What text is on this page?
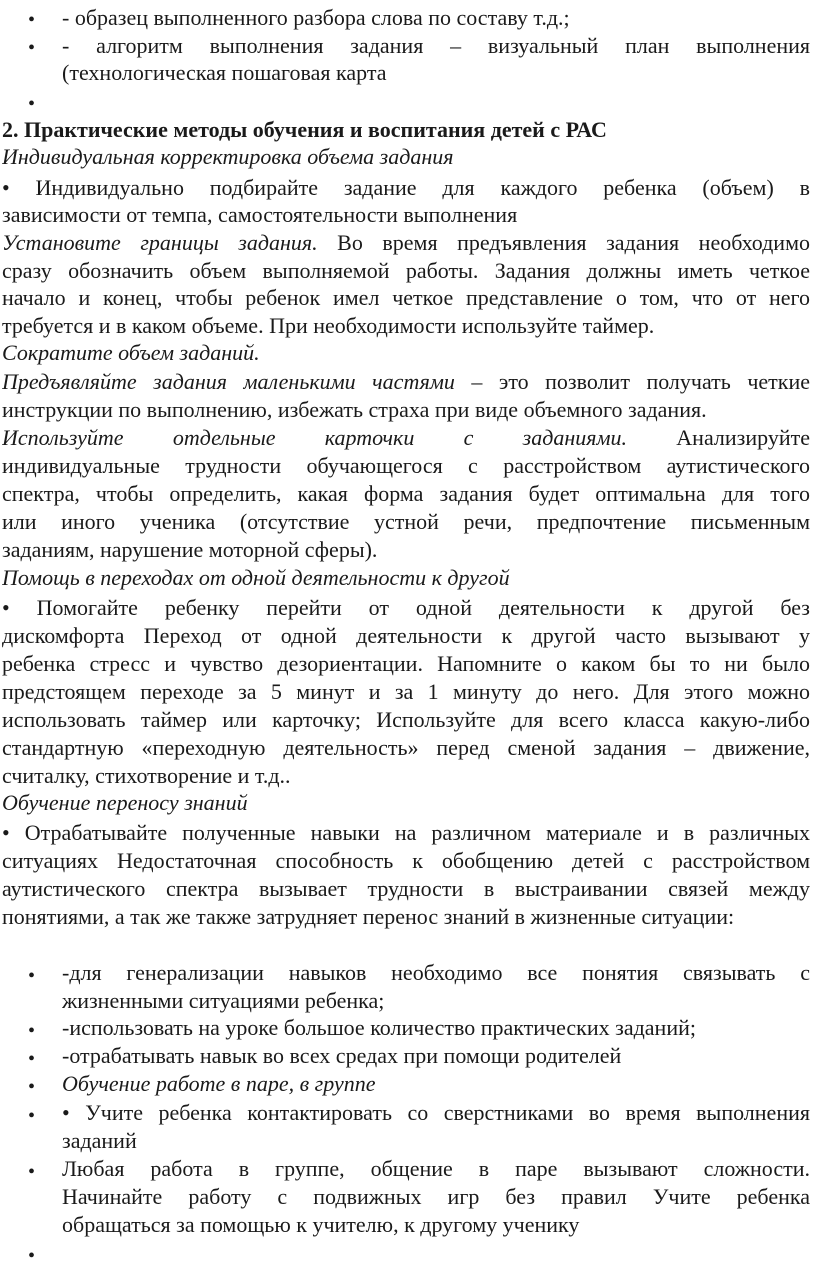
• - образец выполненного разбора слова по составу т.д.;
• - алгоритм выполнения задания – визуальный план выполнения
(технологическая пошаговая карта
•
2. Практические методы обучения и воспитания детей с РАС
Индивидуальная корректировка объема задания
• Индивидуально подбирайте задание для каждого ребенка (объем) в
зависимости от темпа, самостоятельности выполнения
Установите границы задания. Во время предъявления задания необходимо
сразу обозначить объем выполняемой работы. Задания должны иметь четкое
начало и конец, чтобы ребенок имел четкое представление о том, что от него
требуется и в каком объеме. При необходимости используйте таймер.
Сократите объем заданий.
Предъявляйте задания маленькими частями – это позволит получать четкие
инструкции по выполнению, избежать страха при виде объемного задания.
Используйте отдельные карточки с заданиями. Анализируйте
индивидуальные трудности обучающегося с расстройством аутистического
спектра, чтобы определить, какая форма задания будет оптимальна для того
или иного ученика (отсутствие устной речи, предпочтение письменным
заданиям, нарушение моторной сферы).
Помощь в переходах от одной деятельности к другой
• Помогайте ребенку перейти от одной деятельности к другой без
дискомфорта Переход от одной деятельности к другой часто вызывают у
ребенка стресс и чувство дезориентации. Напомните о каком бы то ни было
предстоящем переходе за 5 минут и за 1 минуту до него. Для этого можно
использовать таймер или карточку; Используйте для всего класса какую-либо
стандартную «переходную деятельность» перед сменой задания – движение,
считалку, стихотворение и т.д..
Обучение переносу знаний
• Отрабатывайте полученные навыки на различном материале и в различных
ситуациях Недостаточная способность к обобщению детей с расстройством
аутистического спектра вызывает трудности в выстраивании связей между
понятиями, а так же также затрудняет перенос знаний в жизненные ситуации:
• -для генерализации навыков необходимо все понятия связывать с
жизненными ситуациями ребенка;
• -использовать на уроке большое количество практических заданий;
• -отрабатывать навык во всех средах при помощи родителей
• Обучение работе в паре, в группе
• • Учите ребенка контактировать со сверстниками во время выполнения
заданий
• Любая работа в группе, общение в паре вызывают сложности.
Начинайте работу с подвижных игр без правил Учите ребенка
обращаться за помощью к учителю, к другому ученику
•
